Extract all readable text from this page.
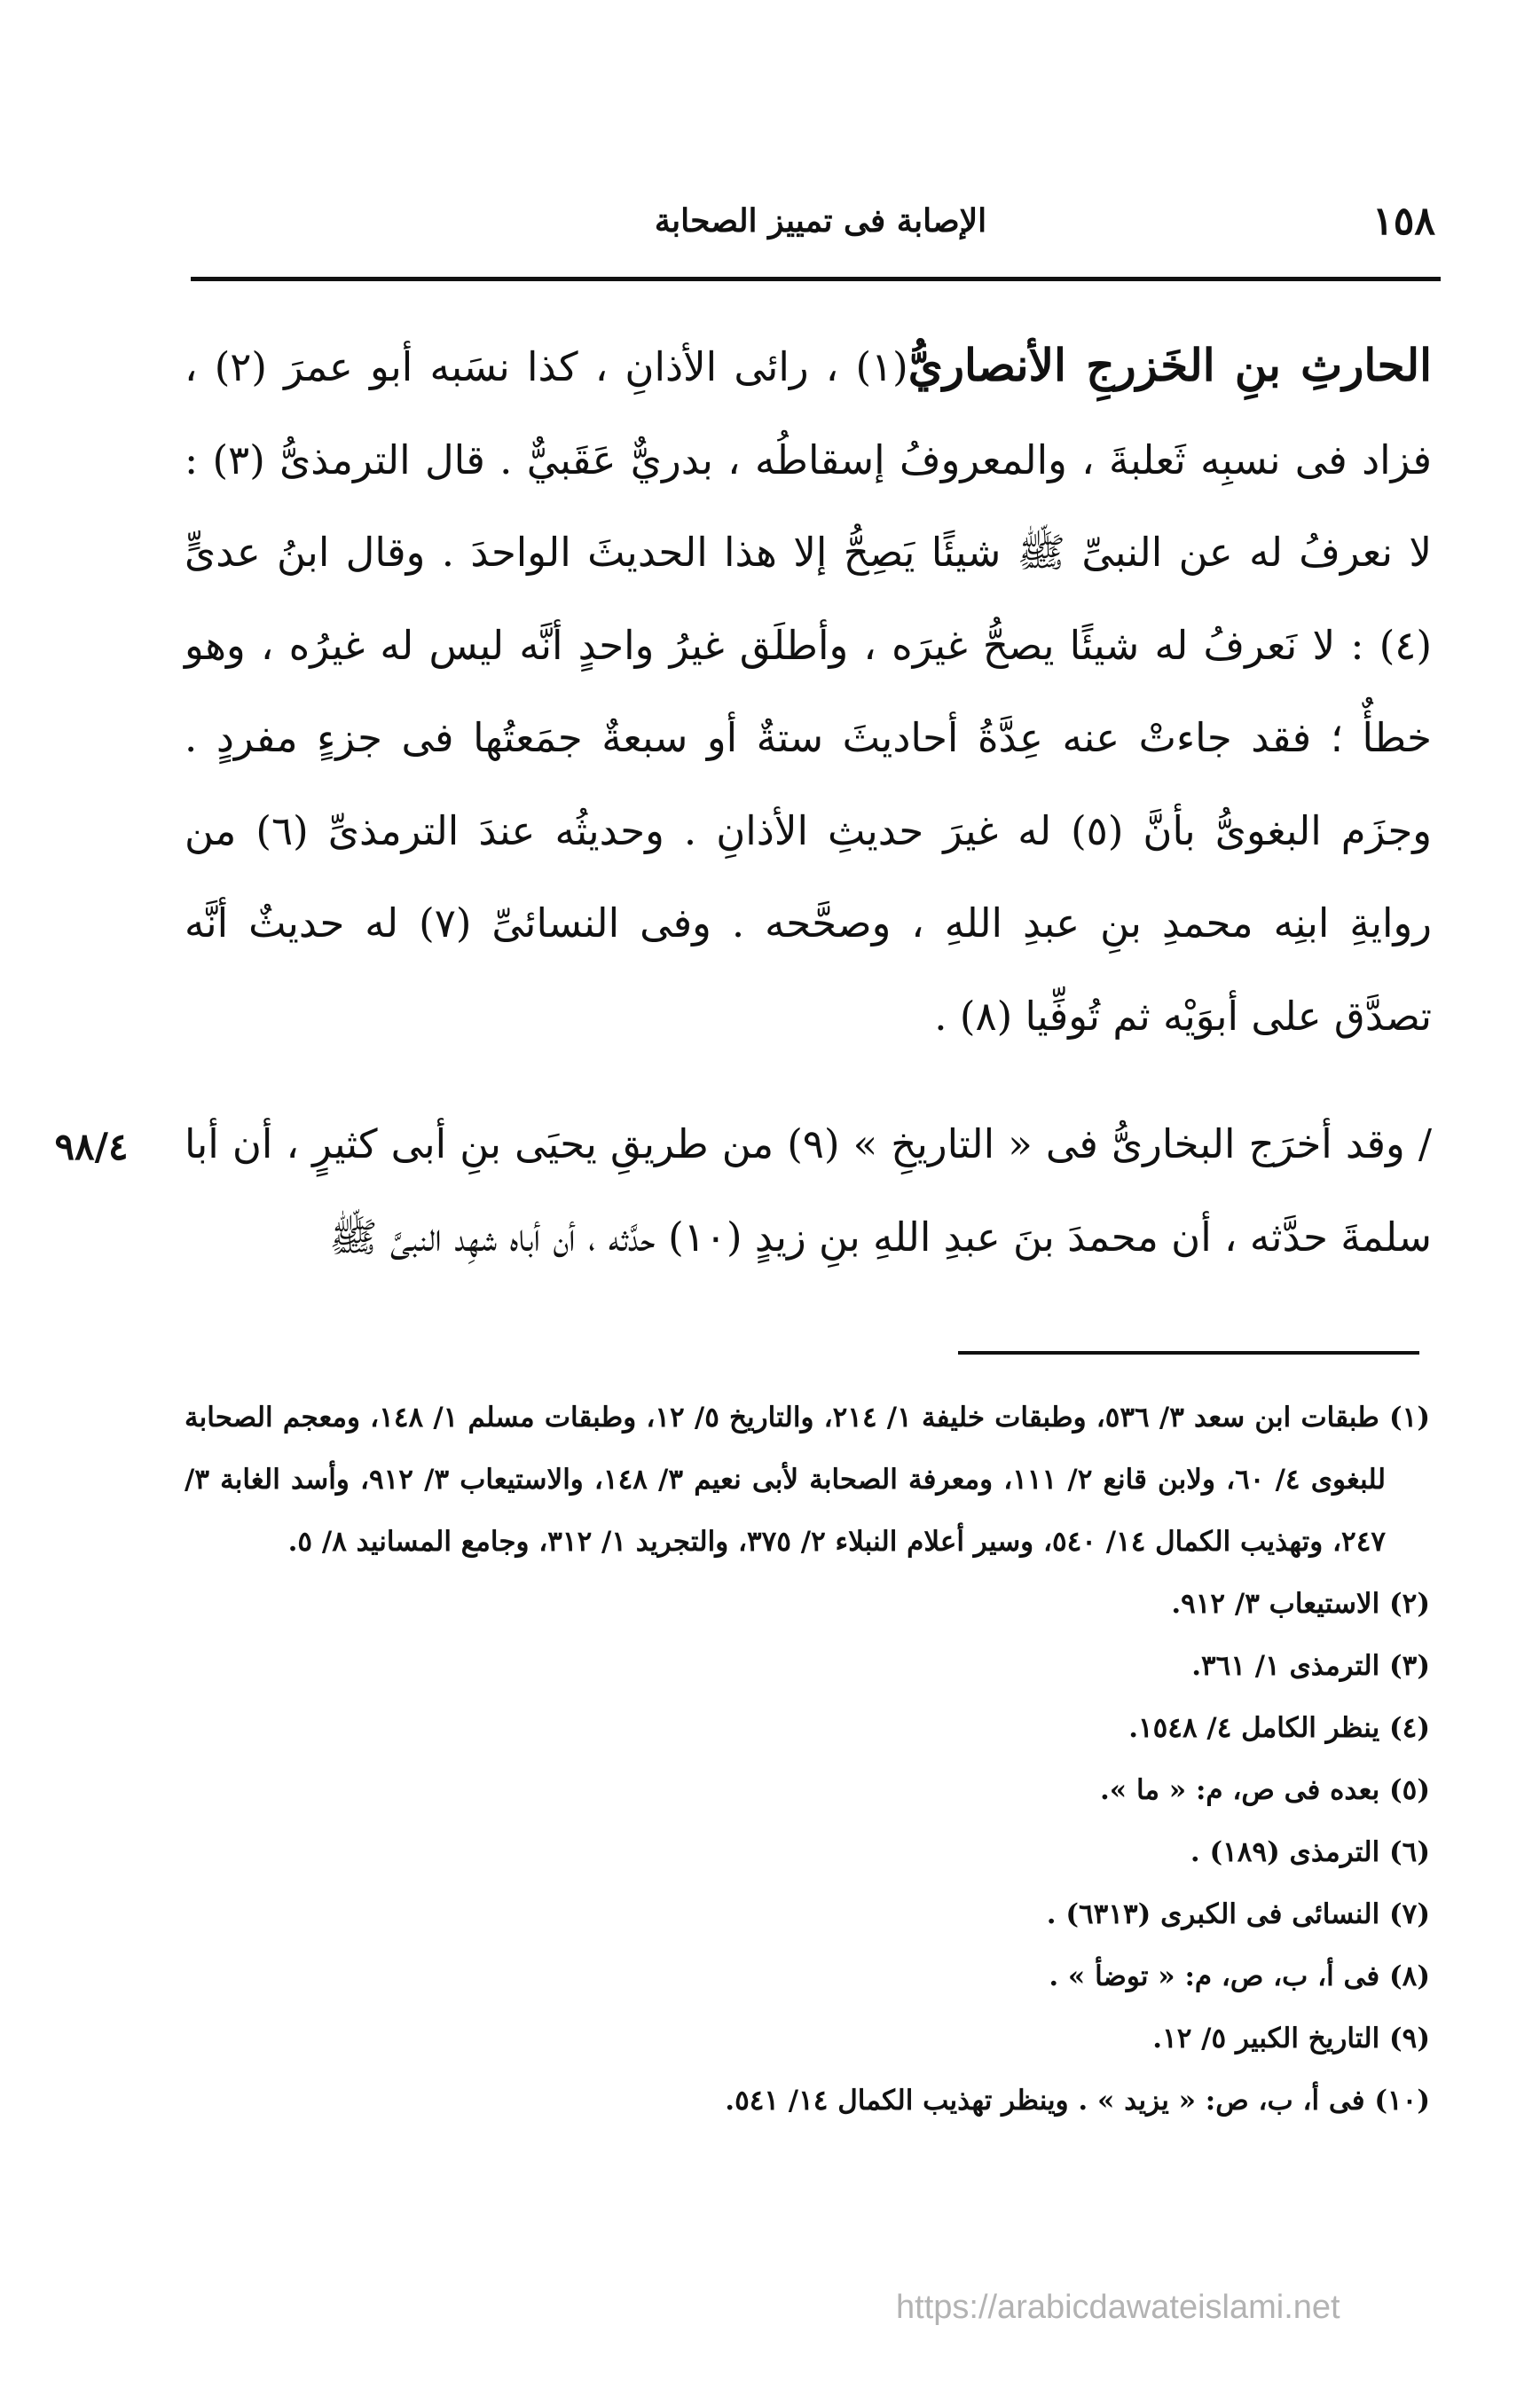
١٥٨
الإصابة فى تمييز الصحابة

الحارثِ بنِ الخَزرجِ الأنصاريُّ(١) ، رائى الأذانِ ، كذا نسَبه أبو عمرَ (٢) ، فزاد فى نسبِه ثَعلبةَ ، والمعروفُ إسقاطُه ، بدريٌّ عَقَبيٌّ . قال الترمذىُّ (٣) : لا نعرفُ له عن النبىِّ ﷺ شيئًا يَصِحُّ إلا هذا الحديثَ الواحدَ . وقال ابنُ عدىٍّ (٤) : لا نَعرفُ له شيئًا يصحُّ غيرَه ، وأطلَق غيرُ واحدٍ أنَّه ليس له غيرُه ، وهو خطأٌ ؛ فقد جاءتْ عنه عِدَّةُ أحاديثَ ستةٌ أو سبعةٌ جمَعتُها فى جزءٍ مفردٍ . وجزَم البغوىُّ بأنَّ (٥) له غيرَ حديثِ الأذانِ . وحديثُه عندَ الترمذىِّ (٦) من روايةِ ابنِه محمدِ بنِ عبدِ اللهِ ، وصحَّحه . وفى النسائىِّ (٧) له حديثٌ أنَّه تصدَّق على أبوَيْه ثم تُوفِّيا (٨) .

/ وقد أخرَج البخارىُّ فى « التاريخِ » (٩) من طريقِ يحيَى بنِ أبى كثيرٍ ، أن أبا سلمةَ حدَّثه ، أن محمدَ بنَ عبدِ اللهِ بنِ زيدٍ (١٠) حدَّثه ، أن أباه شهِد النبىَّ ﷺ

٩٨/٤

(١) طبقات ابن سعد ٣/ ٥٣٦، وطبقات خليفة ١/ ٢١٤، والتاريخ ٥/ ١٢، وطبقات مسلم ١/ ١٤٨، ومعجم الصحابة للبغوى ٤/ ٦٠، ولابن قانع ٢/ ١١١، ومعرفة الصحابة لأبى نعيم ٣/ ١٤٨، والاستيعاب ٣/ ٩١٢، وأسد الغابة ٣/ ٢٤٧، وتهذيب الكمال ١٤/ ٥٤٠، وسير أعلام النبلاء ٢/ ٣٧٥، والتجريد ١/ ٣١٢، وجامع المسانيد ٨/ ٥.

(٢) الاستيعاب ٣/ ٩١٢.

(٣) الترمذى ١/ ٣٦١.

(٤) ينظر الكامل ٤/ ١٥٤٨.

(٥) بعده فى ص، م: « ما ».

(٦) الترمذى (١٨٩) .

(٧) النسائى فى الكبرى (٦٣١٣) .

(٨) فى أ، ب، ص، م: « توضأ » .

(٩) التاريخ الكبير ٥/ ١٢.

(١٠) فى أ، ب، ص: « يزيد » . وينظر تهذيب الكمال ١٤/ ٥٤١.

https://arabicdawateislami.net
